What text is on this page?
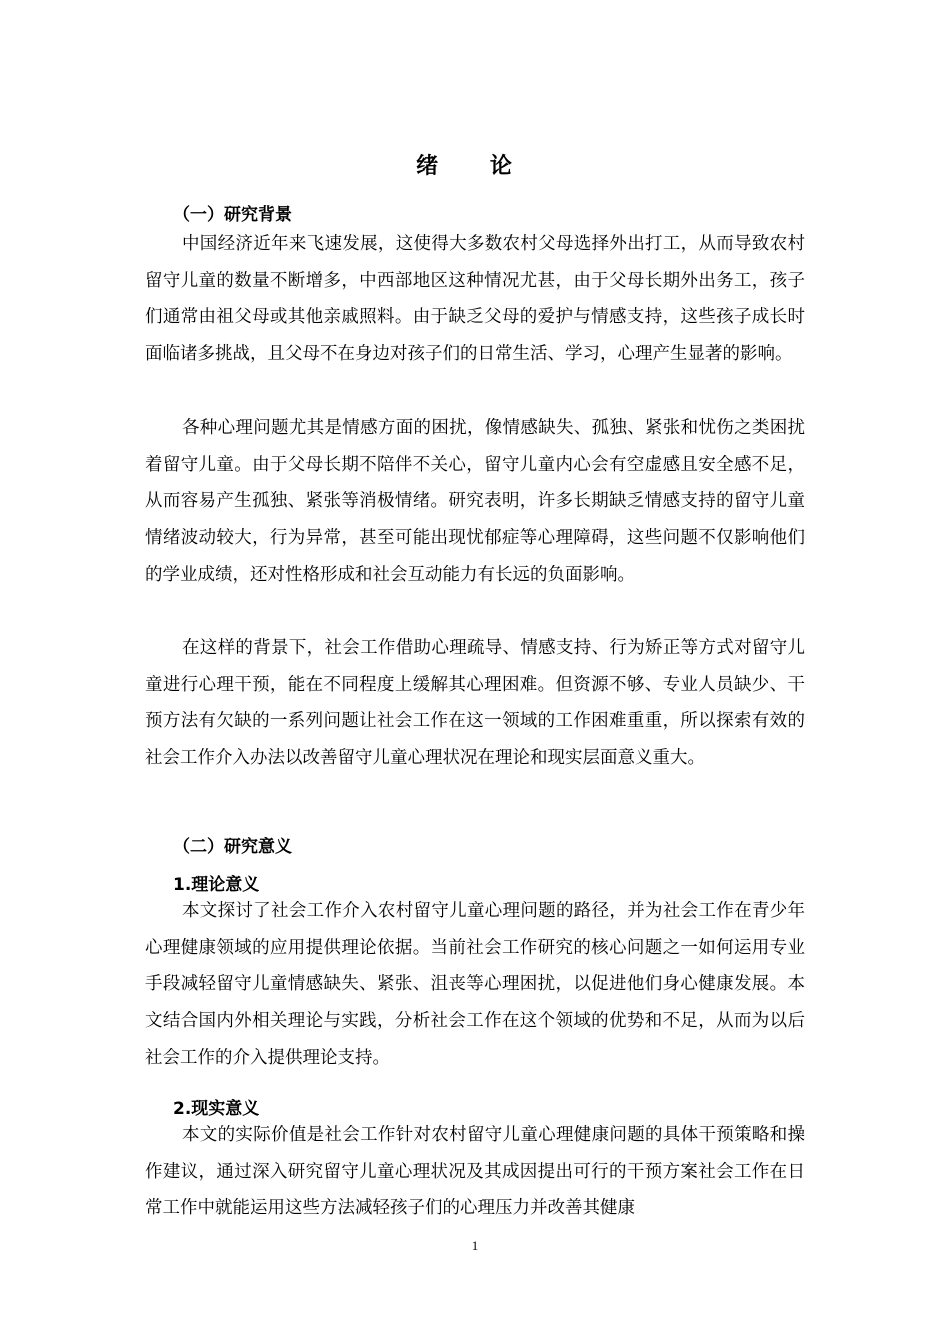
绪 论
（一）研究背景

中国经济近年来飞速发展，这使得大多数农村父母选择外出打工，从而导致农村留守儿童的数量不断增多，中西部地区这种情况尤甚，由于父母长期外出务工，孩子们通常由祖父母或其他亲戚照料。由于缺乏父母的爱护与情感支持，这些孩子成长时面临诸多挑战，且父母不在身边对孩子们的日常生活、学习，心理产生显著的影响。

各种心理问题尤其是情感方面的困扰，像情感缺失、孤独、紧张和忧伤之类困扰着留守儿童。由于父母长期不陪伴不关心，留守儿童内心会有空虚感且安全感不足，从而容易产生孤独、紧张等消极情绪。研究表明，许多长期缺乏情感支持的留守儿童情绪波动较大，行为异常，甚至可能出现忧郁症等心理障碍，这些问题不仅影响他们的学业成绩，还对性格形成和社会互动能力有长远的负面影响。

在这样的背景下，社会工作借助心理疏导、情感支持、行为矫正等方式对留守儿童进行心理干预，能在不同程度上缓解其心理困难。但资源不够、专业人员缺少、干预方法有欠缺的一系列问题让社会工作在这一领域的工作困难重重，所以探索有效的社会工作介入办法以改善留守儿童心理状况在理论和现实层面意义重大。

（二）研究意义
1.理论意义

本文探讨了社会工作介入农村留守儿童心理问题的路径，并为社会工作在青少年心理健康领域的应用提供理论依据。当前社会工作研究的核心问题之一如何运用专业手段减轻留守儿童情感缺失、紧张、沮丧等心理困扰，以促进他们身心健康发展。本文结合国内外相关理论与实践，分析社会工作在这个领域的优势和不足，从而为以后社会工作的介入提供理论支持。

2.现实意义

本文的实际价值是社会工作针对农村留守儿童心理健康问题的具体干预策略和操作建议，通过深入研究留守儿童心理状况及其成因提出可行的干预方案社会工作在日常工作中就能运用这些方法减轻孩子们的心理压力并改善其健康

1
